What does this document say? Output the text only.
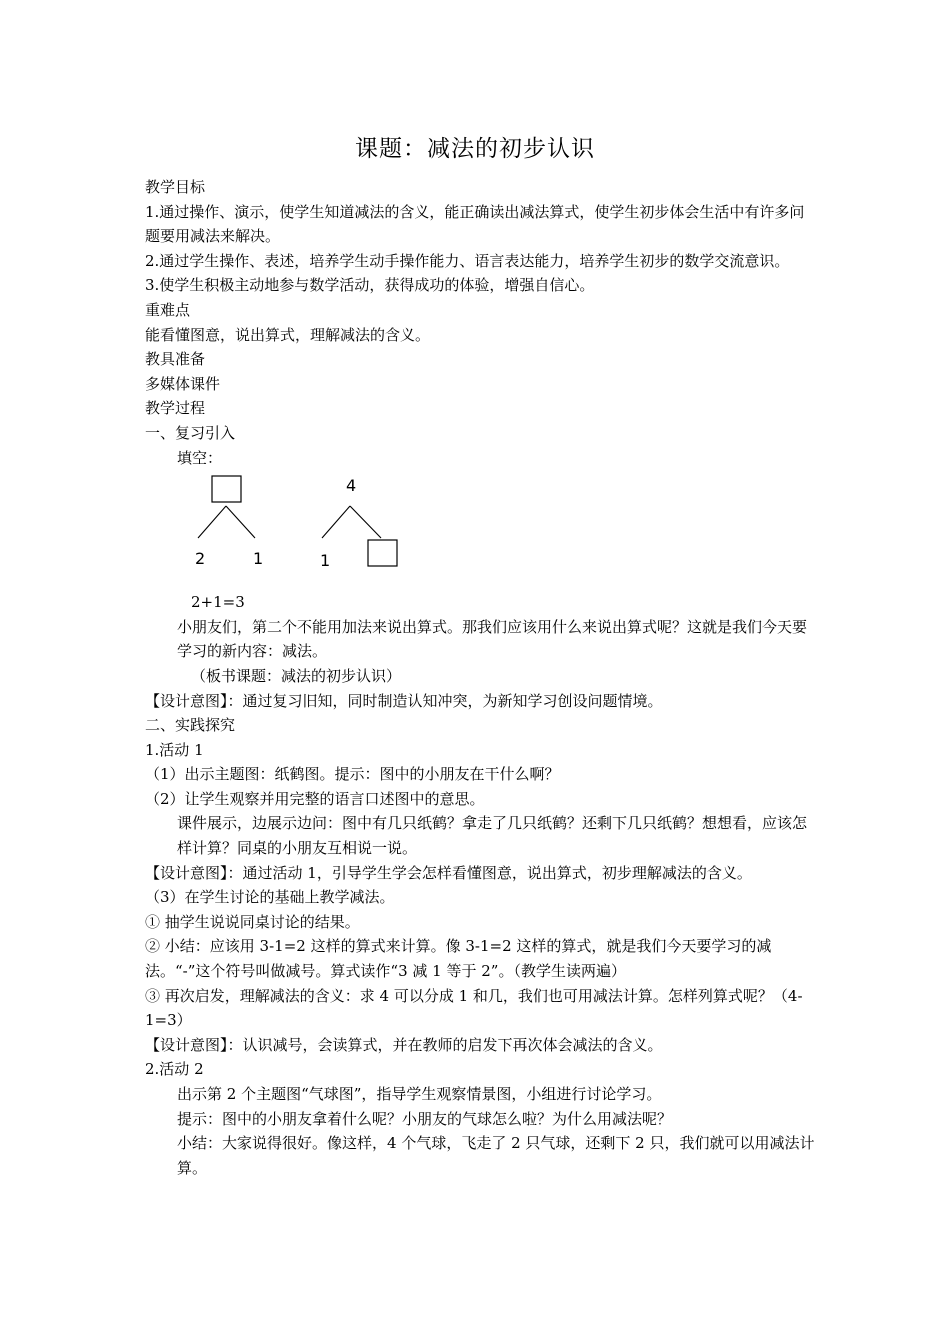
课题：减法的初步认识

教学目标

1.通过操作、演示，使学生知道减法的含义，能正确读出减法算式，使学生初步体会生活中有许多问题要用减法来解决。

2.通过学生操作、表述，培养学生动手操作能力、语言表达能力，培养学生初步的数学交流意识。

3.使学生积极主动地参与数学活动，获得成功的体验，增强自信心。

重难点

能看懂图意，说出算式，理解减法的含义。

教具准备

多媒体课件

教学过程

一、复习引入

填空：

2	1
4
1

2+1=3

小朋友们，第二个不能用加法来说出算式。那我们应该用什么来说出算式呢？这就是我们今天要学习的新内容：减法。

（板书课题：减法的初步认识）

【设计意图】：通过复习旧知，同时制造认知冲突，为新知学习创设问题情境。

二、实践探究

1.活动 1

（1）出示主题图：纸鹤图。提示：图中的小朋友在干什么啊？

（2）让学生观察并用完整的语言口述图中的意思。

课件展示，边展示边问：图中有几只纸鹤？拿走了几只纸鹤？还剩下几只纸鹤？想想看，应该怎样计算？同桌的小朋友互相说一说。

【设计意图】：通过活动 1，引导学生学会怎样看懂图意，说出算式，初步理解减法的含义。

（3）在学生讨论的基础上教学减法。

① 抽学生说说同桌讨论的结果。

② 小结：应该用 3-1=2 这样的算式来计算。像 3-1=2 这样的算式，就是我们今天要学习的减法。“-”这个符号叫做减号。算式读作“3 减 1 等于 2”。（教学生读两遍）

③ 再次启发，理解减法的含义：求 4 可以分成 1 和几，我们也可用减法计算。怎样列算式呢？（4-1=3）

【设计意图】：认识减号，会读算式，并在教师的启发下再次体会减法的含义。

2.活动 2

出示第 2 个主题图“气球图”，指导学生观察情景图，小组进行讨论学习。

提示：图中的小朋友拿着什么呢？小朋友的气球怎么啦？为什么用减法呢？

小结：大家说得很好。像这样，4 个气球，飞走了 2 只气球，还剩下 2 只，我们就可以用减法计算。
